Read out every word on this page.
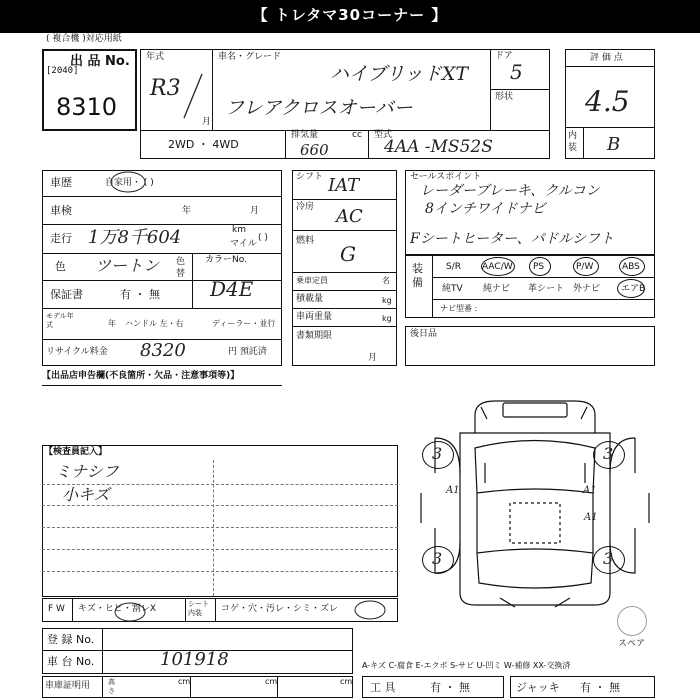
【 トレタマ30コーナー 】
( 複合機 )対応用紙
出 品 No.
[2040]
8310
年式
R3
月
車名・グレード
ハイブリッドXT
フレアクロスオーバー
ドア
5
形状
2WD ・ 4WD
排気量	cc
660
型式
4AA -MS52S
評 価 点
4.5
内装 B
車歴	自家用・ ( )
車検	年	月
走行 1万8千604	km
マイル
( )
色 ツートン 色替
カラーNo.
D4E
保証書	有 ・ 無
モデル年式	年 ハンドル 左・右	ディーラー・並行
リサイクル料金 8320	円 預託済
シフト IAT
冷房 AC
燃料
G
乗車定員	名
積載量	kg
車両重量	kg
書類期限
月
セールスポイント
レーダーブレーキ、クルコン
8インチワイドナビ
Fシートヒーター、パドルシフト
装備
S/R AAC/W PS	P/W	ABS
純TV 純ナビ 革シート 外ナビ エアB
ナビ型番 :
後日品
【出品店申告欄(不良箇所・欠品・注意事項等)】
【検査員記入】
ミナシフ
小キズ
3	3
3	3
A1	A1
A1
スペア
F W キズ・ヒビ・割レX	シート内装	コゲ・穴・汚レ・シミ・ズレ
登 録 No.
車 台 No.	101918	A-キズ C-腐食 E-エクボ S-サビ U-凹ミ W-補修 XX-交換済
車庫証明用	高さ
cm	cm	cm 工 具	有 ・ 無	ジャッキ 有 ・ 無
